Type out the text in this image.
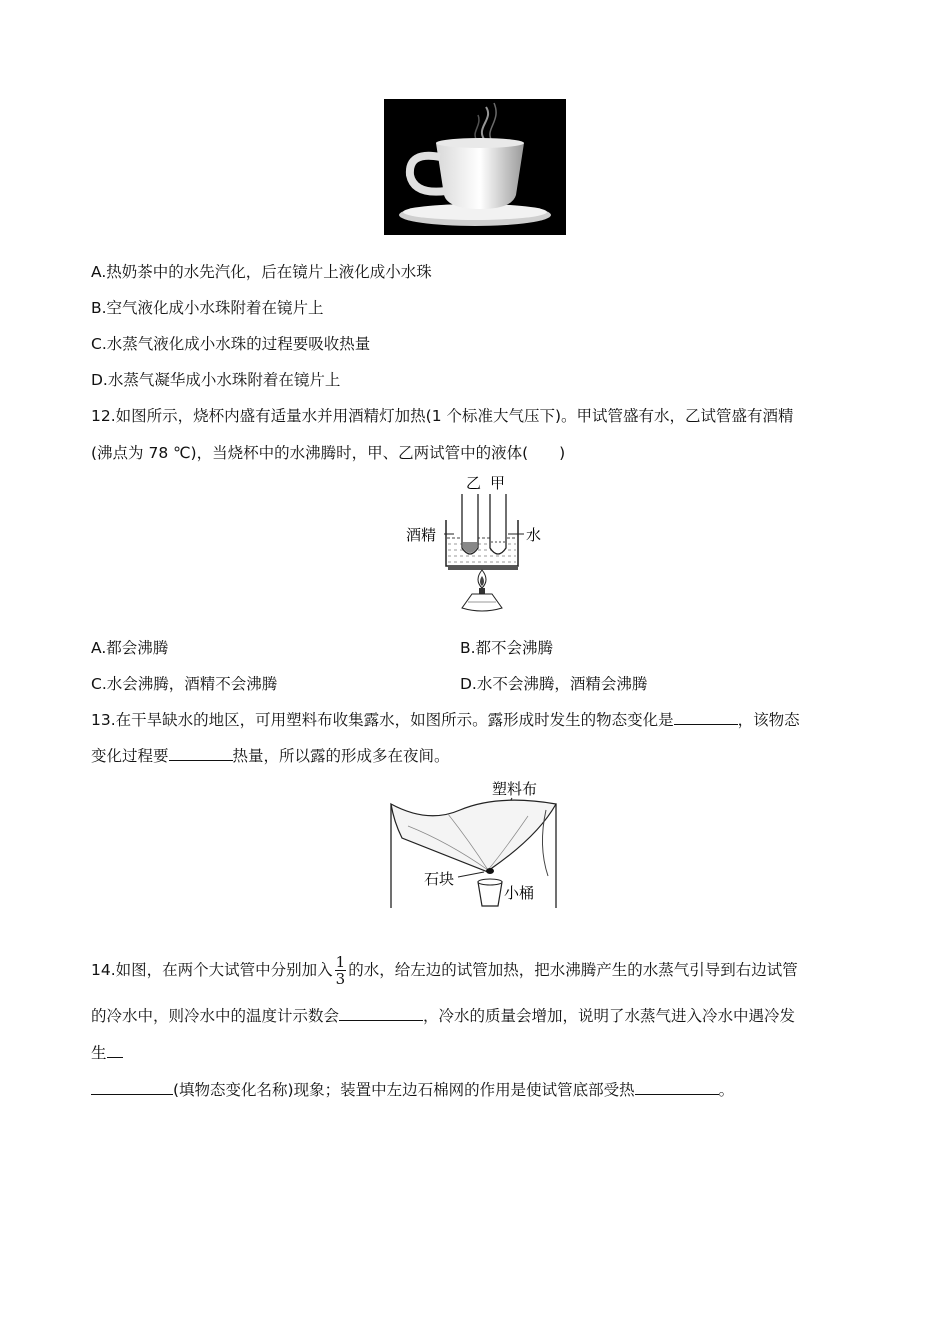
A.热奶茶中的水先汽化，后在镜片上液化成小水珠
B.空气液化成小水珠附着在镜片上
C.水蒸气液化成小水珠的过程要吸收热量
D.水蒸气凝华成小水珠附着在镜片上
12.如图所示，烧杯内盛有适量水并用酒精灯加热(1 个标准大气压下)。甲试管盛有水，乙试管盛有酒精
(沸点为 78 ℃)，当烧杯中的水沸腾时，甲、乙两试管中的液体(　　)
乙 甲
酒精	水
A.都会沸腾	B.都不会沸腾
C.水会沸腾，酒精不会沸腾	D.水不会沸腾，酒精会沸腾
13.在干旱缺水的地区，可用塑料布收集露水，如图所示。露形成时发生的物态变化是	，该物态
变化过程要	热量，所以露的形成多在夜间。
塑料布
石块
小桶
14.如图，在两个大试管中分别加入 $\frac{1}{3}$ 的水，给左边的试管加热，把水沸腾产生的水蒸气引导到右边试管
的冷水中，则冷水中的温度计示数会	，冷水的质量会增加，说明了水蒸气进入冷水中遇冷发
生
(填物态变化名称)现象；装置中左边石棉网的作用是使试管底部受热	。
